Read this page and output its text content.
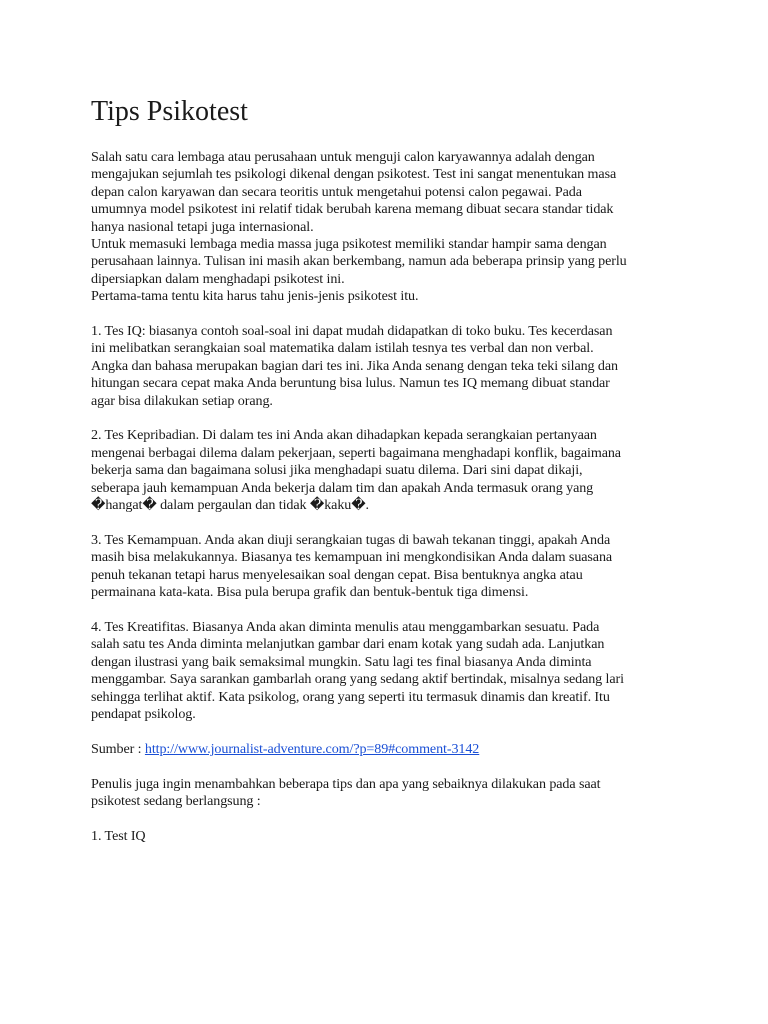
Tips Psikotest

Salah satu cara lembaga atau perusahaan untuk menguji calon karyawannya adalah dengan
mengajukan sejumlah tes psikologi dikenal dengan psikotest. Test ini sangat menentukan masa
depan calon karyawan dan secara teoritis untuk mengetahui potensi calon pegawai. Pada
umumnya model psikotest ini relatif tidak berubah karena memang dibuat secara standar tidak
hanya nasional tetapi juga internasional.
Untuk memasuki lembaga media massa juga psikotest memiliki standar hampir sama dengan
perusahaan lainnya. Tulisan ini masih akan berkembang, namun ada beberapa prinsip yang perlu
dipersiapkan dalam menghadapi psikotest ini.
Pertama-tama tentu kita harus tahu jenis-jenis psikotest itu.

1. Tes IQ: biasanya contoh soal-soal ini dapat mudah didapatkan di toko buku. Tes kecerdasan
ini melibatkan serangkaian soal matematika dalam istilah tesnya tes verbal dan non verbal.
Angka dan bahasa merupakan bagian dari tes ini. Jika Anda senang dengan teka teki silang dan
hitungan secara cepat maka Anda beruntung bisa lulus. Namun tes IQ memang dibuat standar
agar bisa dilakukan setiap orang.

2. Tes Kepribadian. Di dalam tes ini Anda akan dihadapkan kepada serangkaian pertanyaan
mengenai berbagai dilema dalam pekerjaan, seperti bagaimana menghadapi konflik, bagaimana
bekerja sama dan bagaimana solusi jika menghadapi suatu dilema. Dari sini dapat dikaji,
seberapa jauh kemampuan Anda bekerja dalam tim dan apakah Anda termasuk orang yang
�hangat� dalam pergaulan dan tidak �kaku�.

3. Tes Kemampuan. Anda akan diuji serangkaian tugas di bawah tekanan tinggi, apakah Anda
masih bisa melakukannya. Biasanya tes kemampuan ini mengkondisikan Anda dalam suasana
penuh tekanan tetapi harus menyelesaikan soal dengan cepat. Bisa bentuknya angka atau
permainana kata-kata. Bisa pula berupa grafik dan bentuk-bentuk tiga dimensi.

4. Tes Kreatifitas. Biasanya Anda akan diminta menulis atau menggambarkan sesuatu. Pada
salah satu tes Anda diminta melanjutkan gambar dari enam kotak yang sudah ada. Lanjutkan
dengan ilustrasi yang baik semaksimal mungkin. Satu lagi tes final biasanya Anda diminta
menggambar. Saya sarankan gambarlah orang yang sedang aktif bertindak, misalnya sedang lari
sehingga terlihat aktif. Kata psikolog, orang yang seperti itu termasuk dinamis dan kreatif. Itu
pendapat psikolog.

Sumber : http://www.journalist-adventure.com/?p=89#comment-3142

Penulis juga ingin menambahkan beberapa tips dan apa yang sebaiknya dilakukan pada saat
psikotest sedang berlangsung :

1. Test IQ
